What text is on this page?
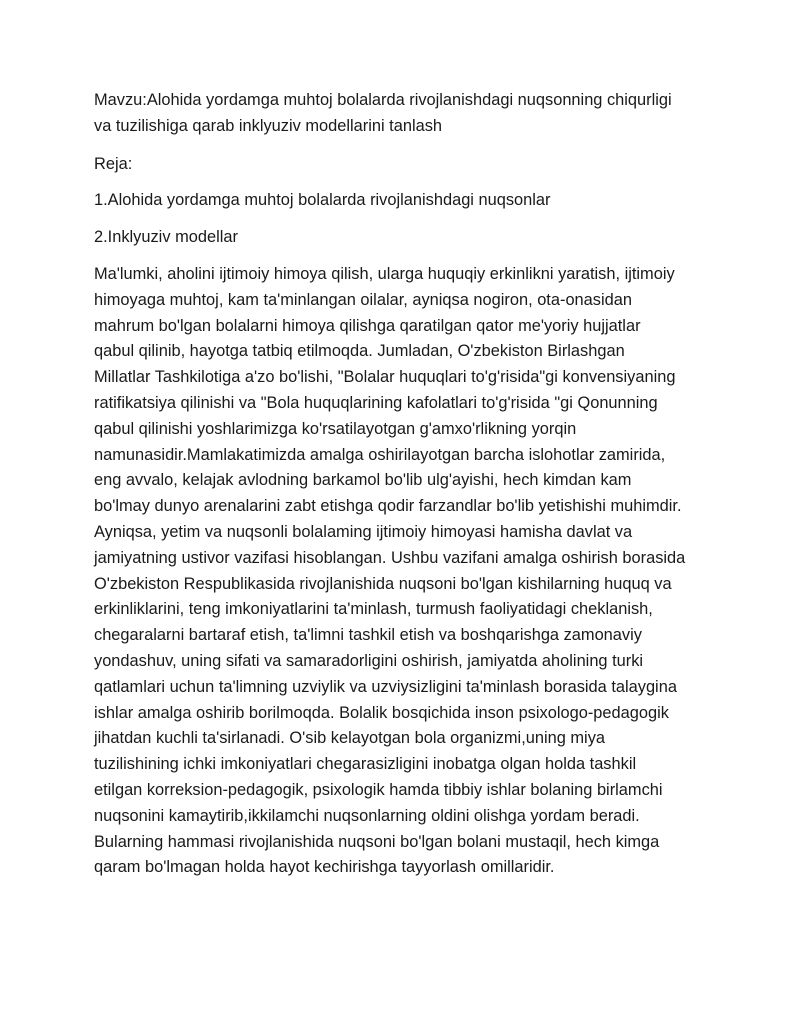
Mavzu:Alohida yordamga muhtoj bolalarda rivojlanishdagi nuqsonning chiqurligi
va tuzilishiga qarab inklyuziv modellarini tanlash
Reja:
1.Alohida yordamga muhtoj bolalarda rivojlanishdagi nuqsonlar
2.Inklyuziv modellar
Ma'lumki, aholini ijtimoiy himoya qilish, ularga huquqiy erkinlikni yaratish, ijtimoiy
himoyaga muhtoj, kam ta'minlangan oilalar, ayniqsa nogiron, ota-onasidan
mahrum bo'lgan bolalarni himoya qilishga qaratilgan qator me'yoriy hujjatlar
qabul qilinib, hayotga tatbiq etilmoqda. Jumladan, O'zbekiston Birlashgan
Millatlar Tashkilotiga a'zo bo'lishi, "Bolalar huquqlari to'g'risida"gi konvensiyaning
ratifikatsiya qilinishi va "Bola huquqlarining kafolatlari to'g'risida "gi Qonunning
qabul qilinishi yoshlarimizga ko'rsatilayotgan g'amxo'rlikning yorqin
namunasidir.Mamlakatimizda amalga oshirilayotgan barcha islohotlar zamirida,
eng avvalo, kelajak avlodning barkamol bo'lib ulg'ayishi, hech kimdan kam
bo'lmay dunyo arenalarini zabt etishga qodir farzandlar bo'lib yetishishi muhimdir.
Ayniqsa, yetim va nuqsonli bolalaming ijtimoiy himoyasi hamisha davlat va
jamiyatning ustivor vazifasi hisoblangan. Ushbu vazifani amalga oshirish borasida
O'zbekiston Respublikasida rivojlanishida nuqsoni bo'lgan kishilarning huquq va
erkinliklarini, teng imkoniyatlarini ta'minlash, turmush faoliyatidagi cheklanish,
chegaralarni bartaraf etish, ta'limni tashkil etish va boshqarishga zamonaviy
yondashuv, uning sifati va samaradorligini oshirish, jamiyatda aholining turki
qatlamlari uchun ta'limning uzviylik va uzviysizligini ta'minlash borasida talaygina
ishlar amalga oshirib borilmoqda. Bolalik bosqichida inson psixologo-pedagogik
jihatdan kuchli ta'sirlanadi. O'sib kelayotgan bola organizmi,uning miya
tuzilishining ichki imkoniyatlari chegarasizligini inobatga olgan holda tashkil
etilgan korreksion-pedagogik, psixologik hamda tibbiy ishlar bolaning birlamchi
nuqsonini kamaytirib,ikkilamchi nuqsonlarning oldini olishga yordam beradi.
Bularning hammasi rivojlanishida nuqsoni bo'lgan bolani mustaqil, hech kimga
qaram bo'lmagan holda hayot kechirishga tayyorlash omillaridir.
